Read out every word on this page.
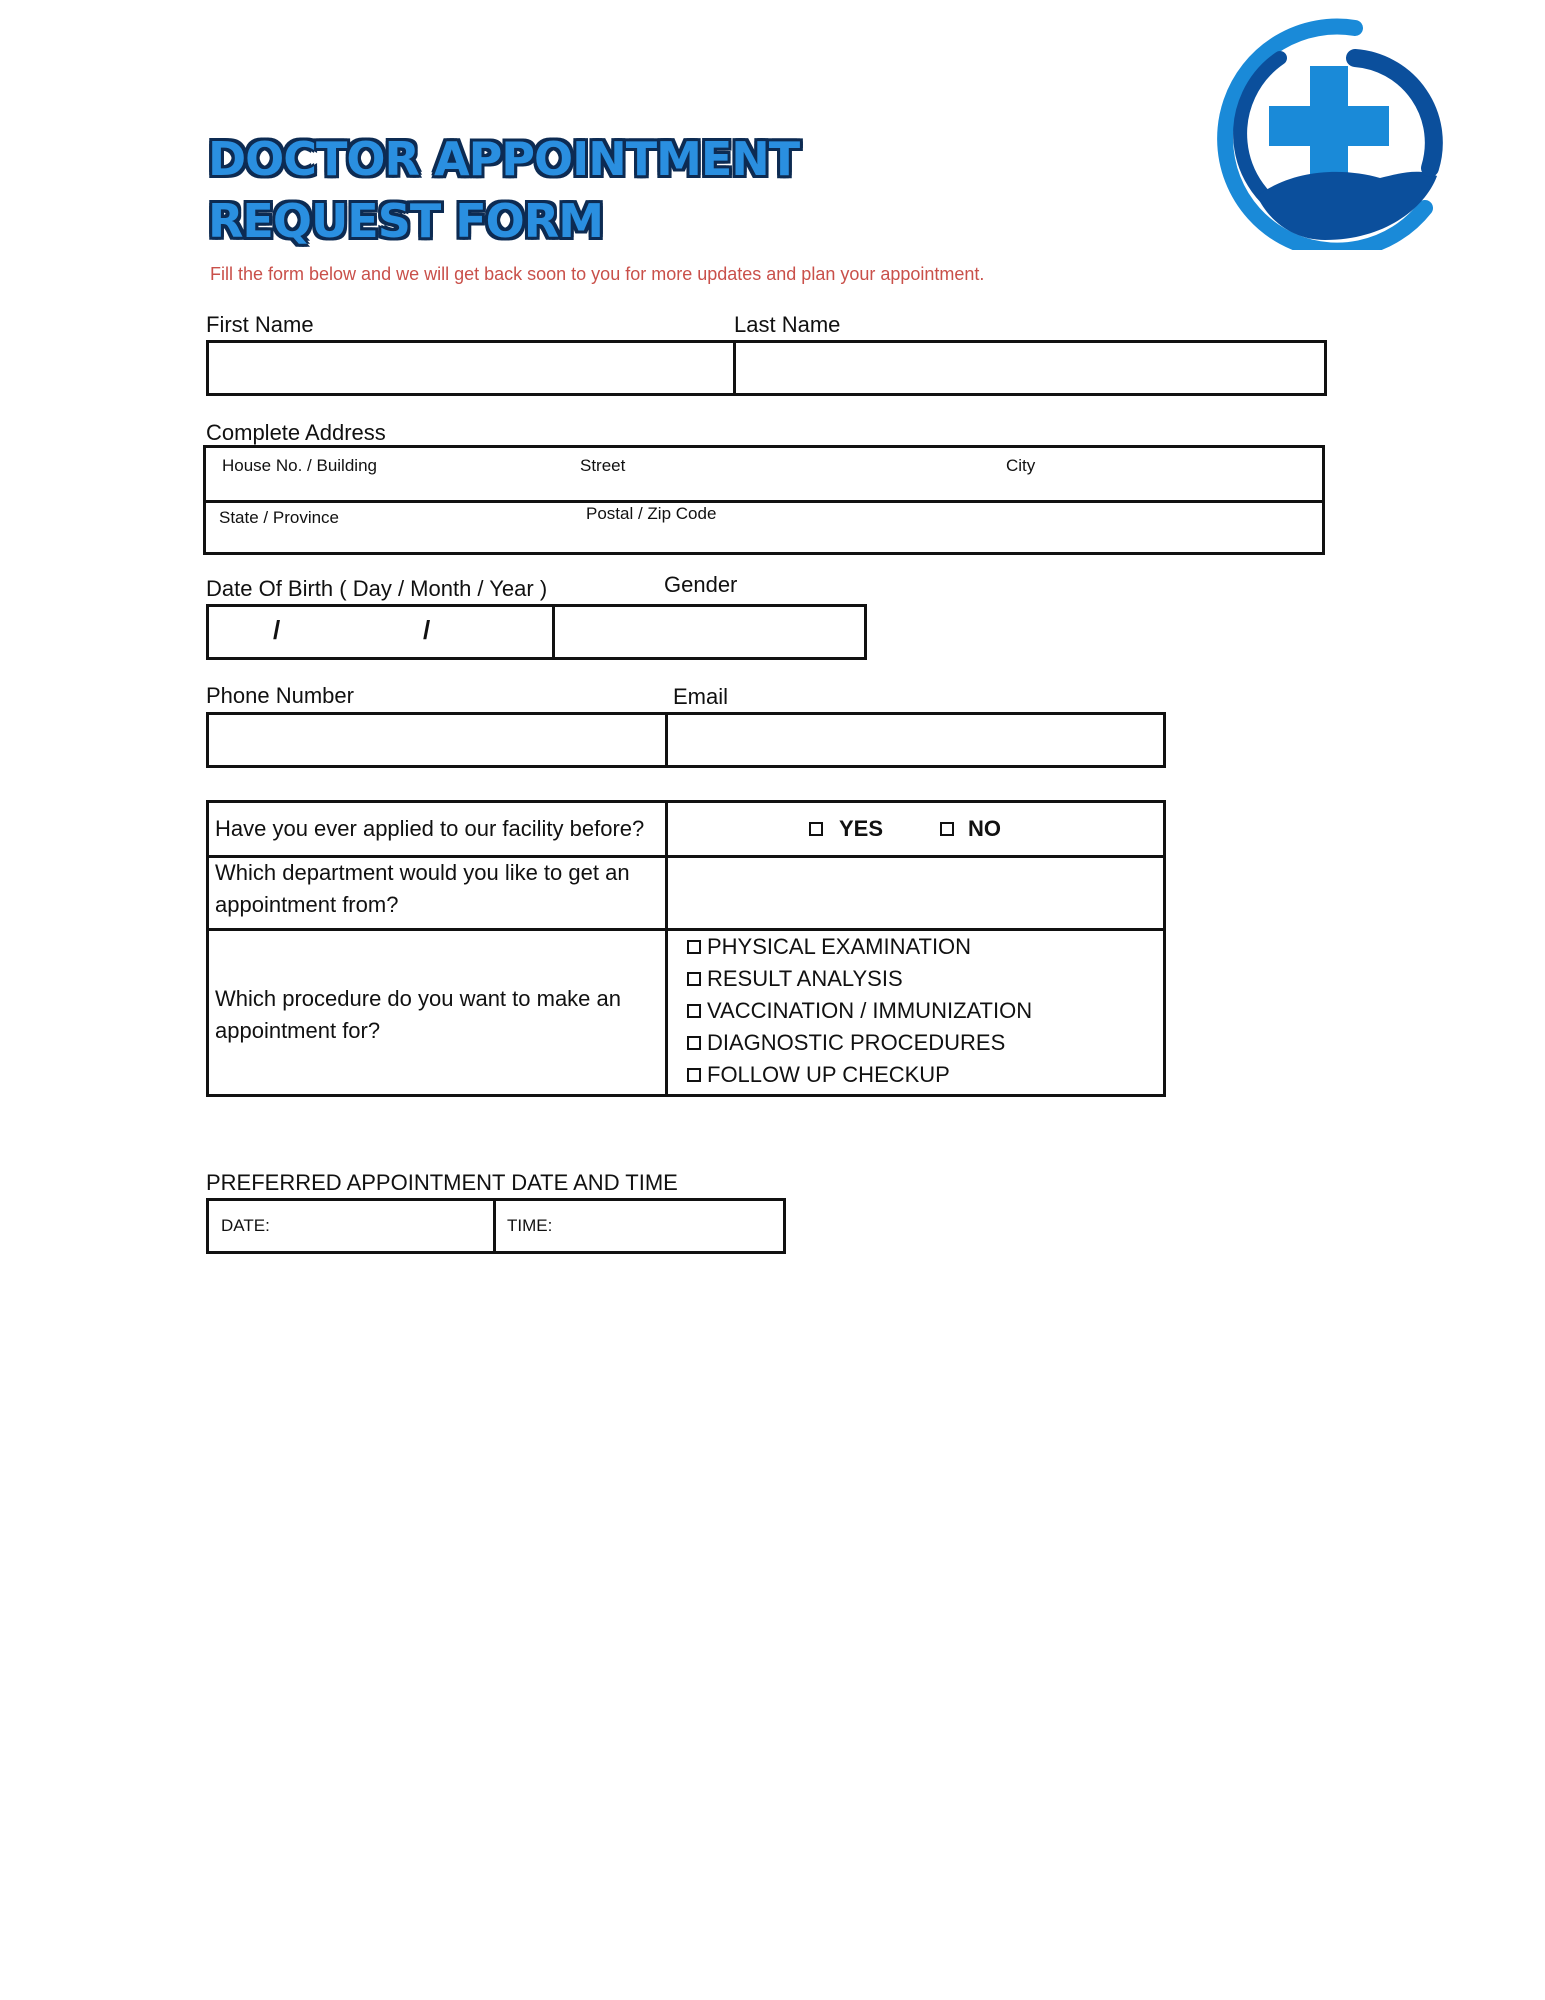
DOCTOR APPOINTMENT
REQUEST FORM
Fill the form below and we will get back soon to you for more updates and plan your appointment.
First Name	Last Name
Complete Address
House No. / Building	Street	City
State / Province	Postal / Zip Code
Date Of Birth ( Day / Month / Year )	Gender
/	/
Phone Number	Email
Have you ever applied to our facility before?	YES	NO
Which department would you like to get an appointment from?
Which procedure do you want to make an appointment for?
PHYSICAL EXAMINATION
RESULT ANALYSIS
VACCINATION / IMMUNIZATION
DIAGNOSTIC PROCEDURES
FOLLOW UP CHECKUP
PREFERRED APPOINTMENT DATE AND TIME
DATE:	TIME:
